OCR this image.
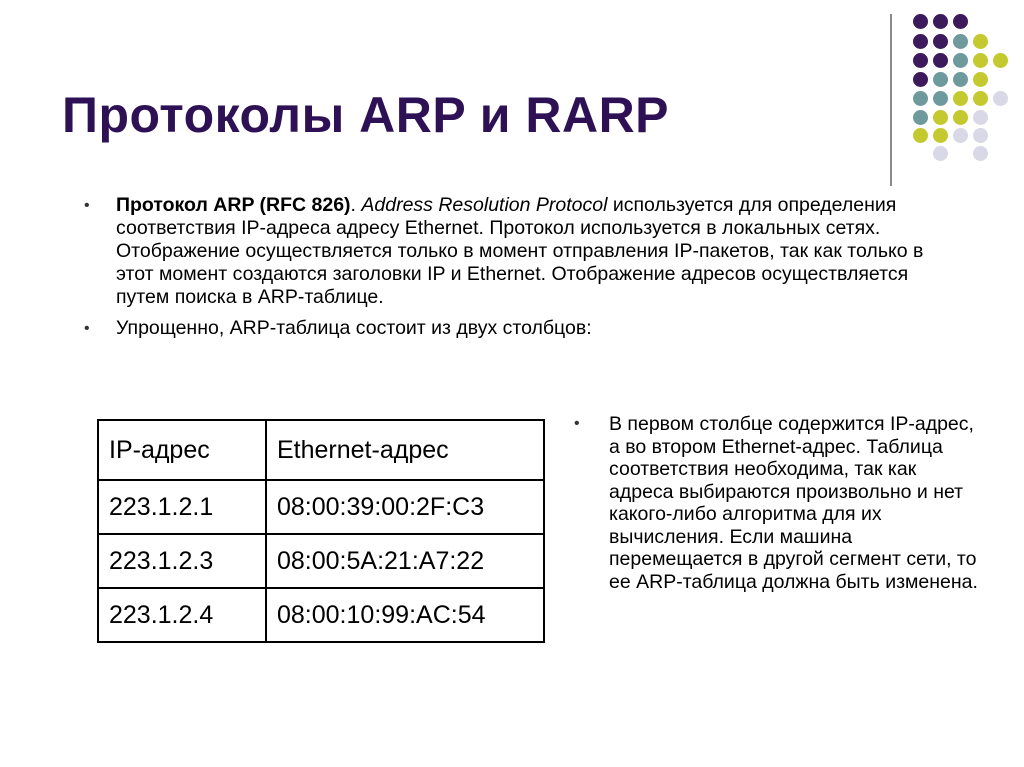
Протоколы ARP и RARP
• Протокол ARP (RFC 826). Address Resolution Protocol используется для определения соответствия IP-адреса адресу Ethernet. Протокол используется в локальных сетях. Отображение осуществляется только в момент отправления IP-пакетов, так как только в этот момент создаются заголовки IP и Ethernet. Отображение адресов осуществляется путем поиска в ARP-таблице.
• Упрощенно, ARP-таблица состоит из двух столбцов:
IP-адрес	Ethernet-адрес
223.1.2.1	08:00:39:00:2F:C3
223.1.2.3	08:00:5A:21:A7:22
223.1.2.4	08:00:10:99:AC:54
• В первом столбце содержится IP-адрес, а во втором Ethernet-адрес. Таблица соответствия необходима, так как адреса выбираются произвольно и нет какого-либо алгоритма для их вычисления. Если машина перемещается в другой сегмент сети, то ее ARP-таблица должна быть изменена.
